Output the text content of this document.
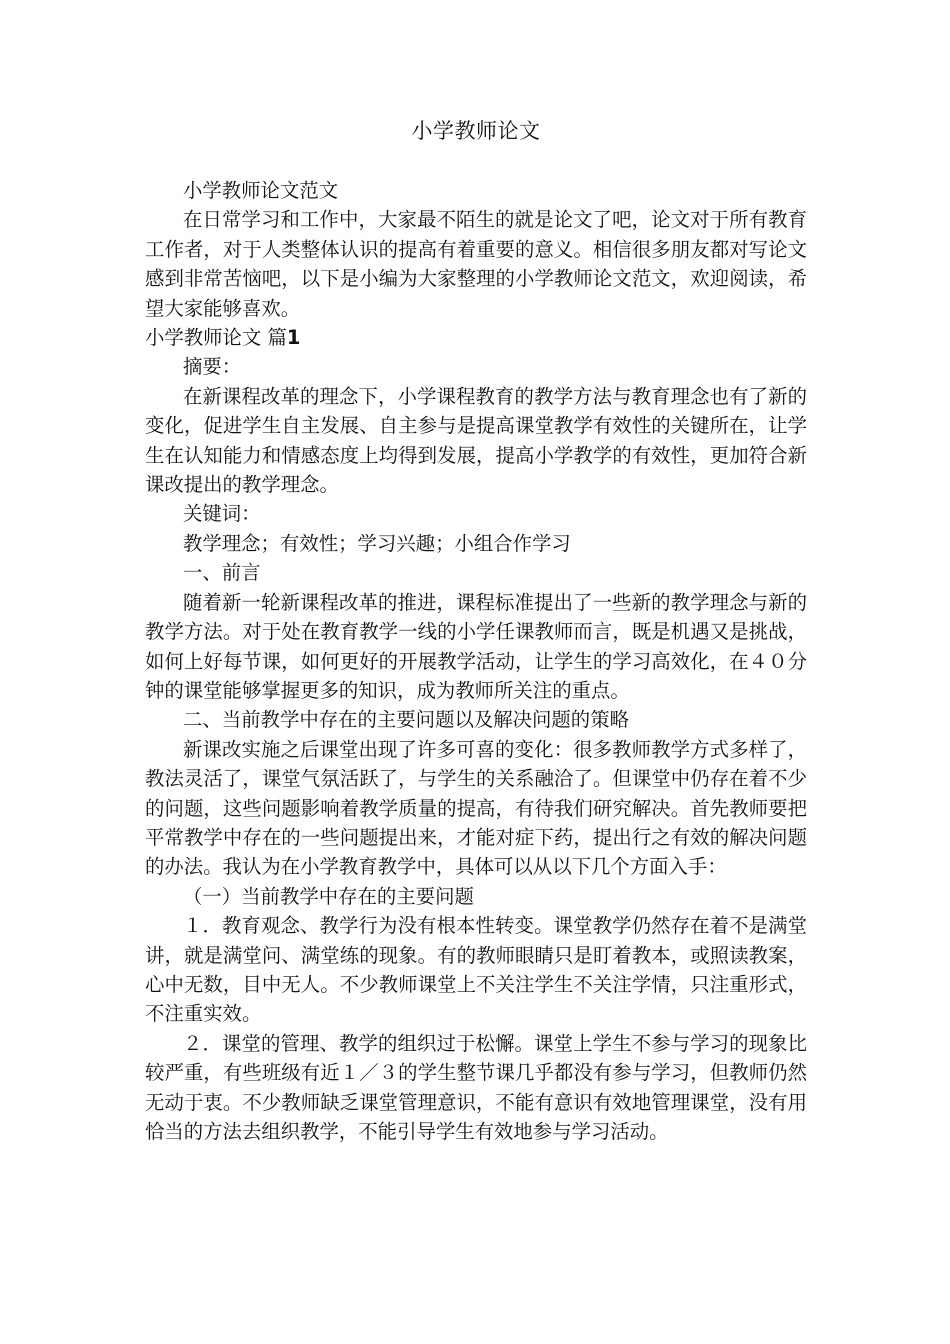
小学教师论文

小学教师论文范文

在日常学习和工作中，大家最不陌生的就是论文了吧，论文对于所有教育工作者，对于人类整体认识的提高有着重要的意义。相信很多朋友都对写论文感到非常苦恼吧，以下是小编为大家整理的小学教师论文范文，欢迎阅读，希望大家能够喜欢。

小学教师论文 篇1

摘要：

在新课程改革的理念下，小学课程教育的教学方法与教育理念也有了新的变化，促进学生自主发展、自主参与是提高课堂教学有效性的关键所在，让学生在认知能力和情感态度上均得到发展，提高小学教学的有效性，更加符合新课改提出的教学理念。

关键词：

教学理念；有效性；学习兴趣；小组合作学习

一、前言

随着新一轮新课程改革的推进，课程标准提出了一些新的教学理念与新的教学方法。对于处在教育教学一线的小学任课教师而言，既是机遇又是挑战，如何上好每节课，如何更好的开展教学活动，让学生的学习高效化，在４０分钟的课堂能够掌握更多的知识，成为教师所关注的重点。

二、当前教学中存在的主要问题以及解决问题的策略

新课改实施之后课堂出现了许多可喜的变化：很多教师教学方式多样了，教法灵活了，课堂气氛活跃了，与学生的关系融洽了。但课堂中仍存在着不少的问题，这些问题影响着教学质量的提高，有待我们研究解决。首先教师要把平常教学中存在的一些问题提出来，才能对症下药，提出行之有效的解决问题的办法。我认为在小学教育教学中，具体可以从以下几个方面入手：

（一）当前教学中存在的主要问题

１．教育观念、教学行为没有根本性转变。课堂教学仍然存在着不是满堂讲，就是满堂问、满堂练的现象。有的教师眼睛只是盯着教本，或照读教案，心中无数，目中无人。不少教师课堂上不关注学生不关注学情，只注重形式，不注重实效。

２．课堂的管理、教学的组织过于松懈。课堂上学生不参与学习的现象比较严重，有些班级有近１／３的学生整节课几乎都没有参与学习，但教师仍然无动于衷。不少教师缺乏课堂管理意识，不能有意识有效地管理课堂，没有用恰当的方法去组织教学，不能引导学生有效地参与学习活动。
